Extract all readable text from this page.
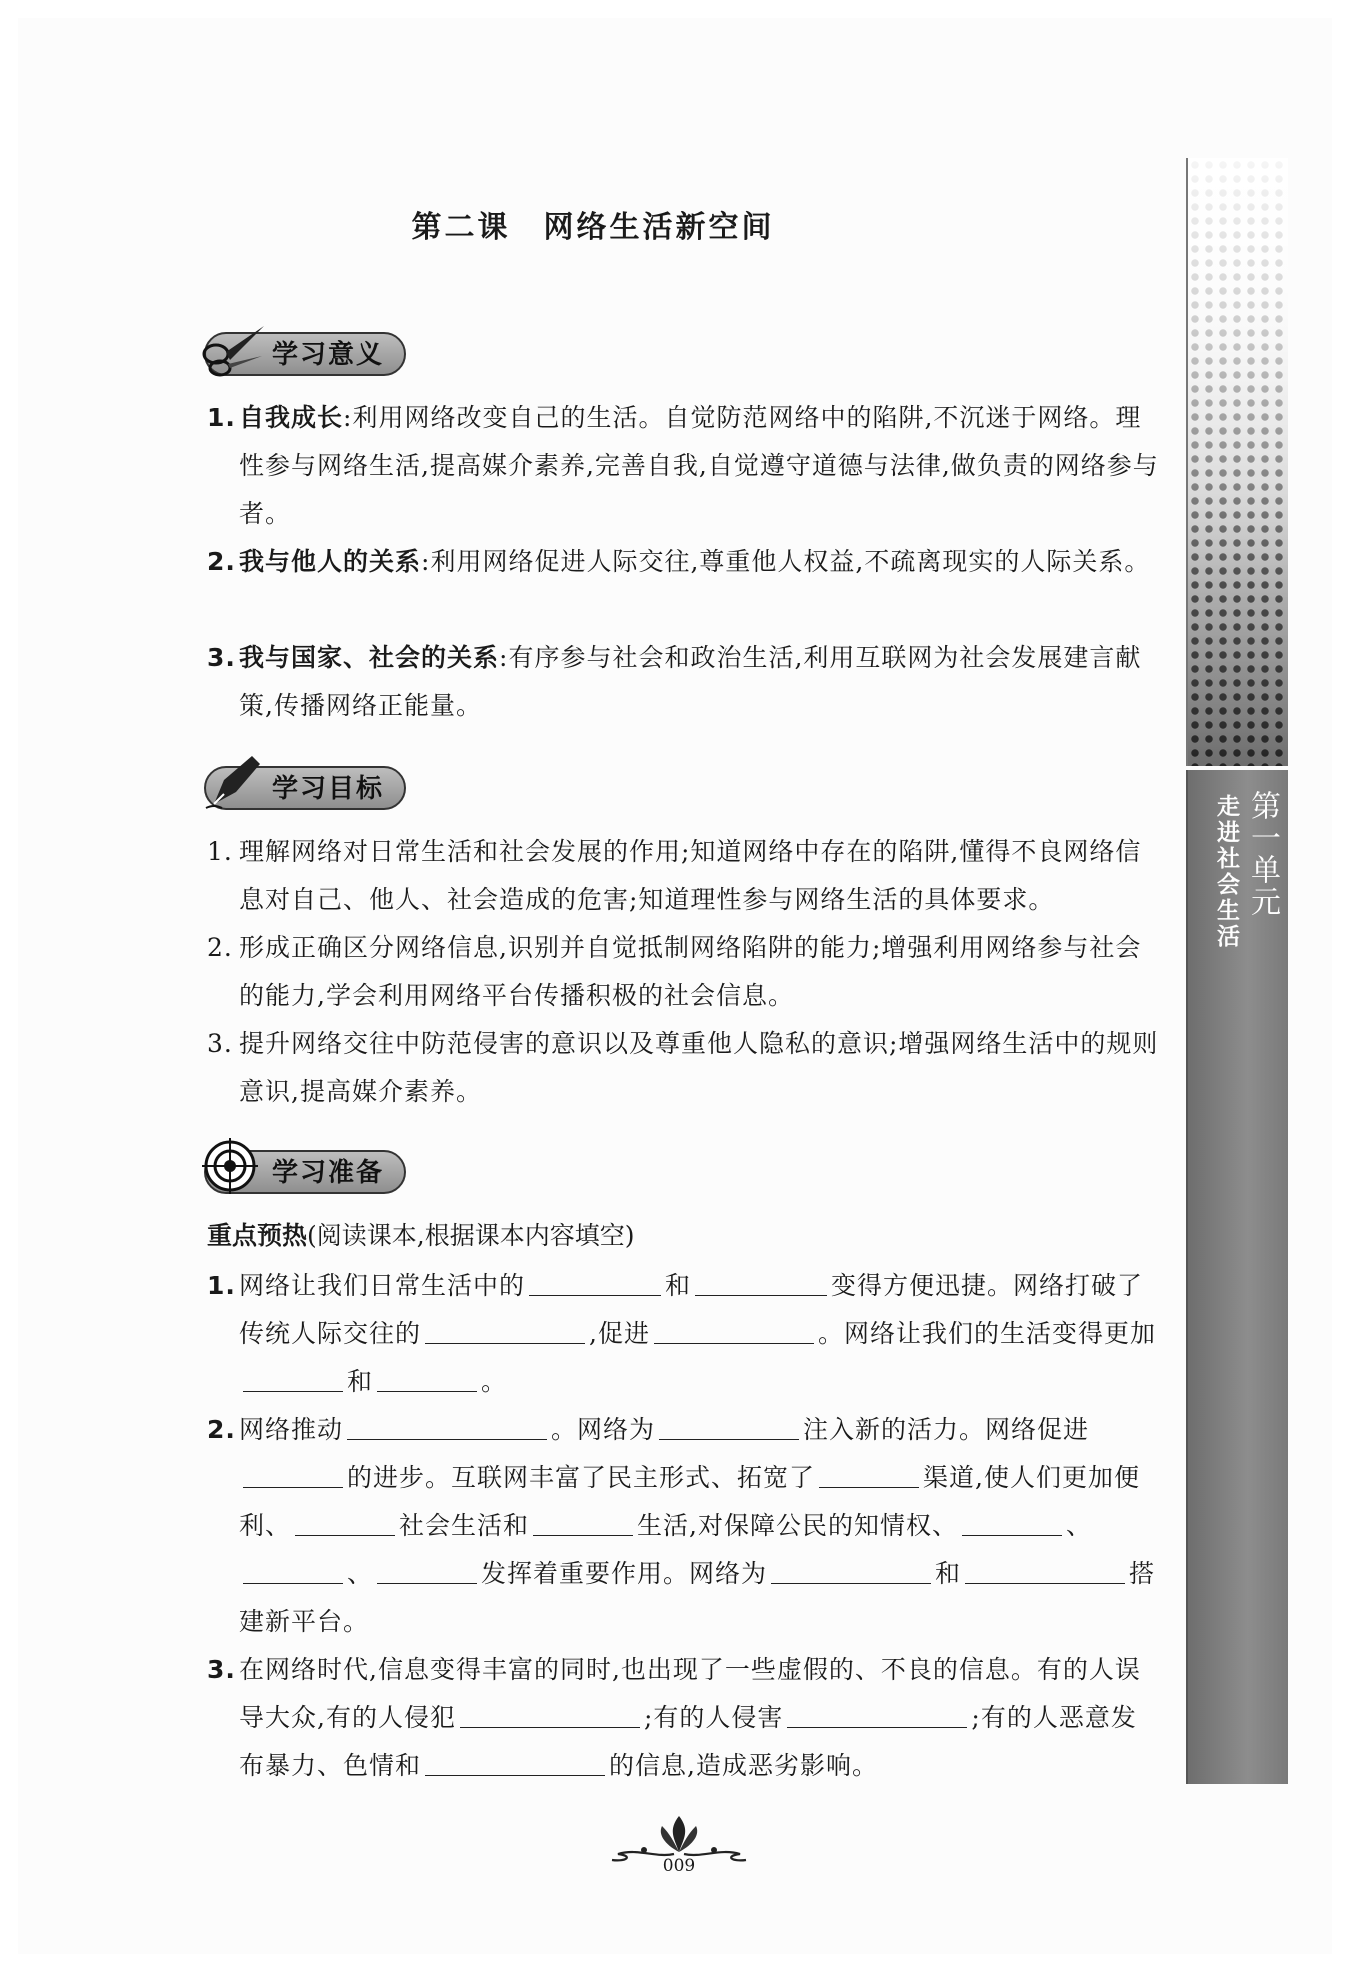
第一单元
走进社会生活
第二课　网络生活新空间
学习意义
1. 自我成长:利用网络改变自己的生活。自觉防范网络中的陷阱,不沉迷于网络。理性参与网络生活,提高媒介素养,完善自我,自觉遵守道德与法律,做负责的网络参与者。
2. 我与他人的关系:利用网络促进人际交往,尊重他人权益,不疏离现实的人际关系。
3. 我与国家、社会的关系:有序参与社会和政治生活,利用互联网为社会发展建言献策,传播网络正能量。
学习目标
1. 理解网络对日常生活和社会发展的作用;知道网络中存在的陷阱,懂得不良网络信息对自己、他人、社会造成的危害;知道理性参与网络生活的具体要求。
2. 形成正确区分网络信息,识别并自觉抵制网络陷阱的能力;增强利用网络参与社会的能力,学会利用网络平台传播积极的社会信息。
3. 提升网络交往中防范侵害的意识以及尊重他人隐私的意识;增强网络生活中的规则意识,提高媒介素养。
学习准备
重点预热(阅读课本,根据课本内容填空)
1. 网络让我们日常生活中的	和	变得方便迅捷。网络打破了传统人际交往的	,促进	。网络让我们的生活变得更加和	。
2. 网络推动	。网络为	注入新的活力。网络促进的进步。互联网丰富了民主形式、拓宽了	渠道,使人们更加便利、	社会生活和	生活,对保障公民的知情权、	、、	发挥着重要作用。网络为	和	搭建新平台。
3. 在网络时代,信息变得丰富的同时,也出现了一些虚假的、不良的信息。有的人误导大众,有的人侵犯	;有的人侵害	;有的人恶意发布暴力、色情和	的信息,造成恶劣影响。
009
